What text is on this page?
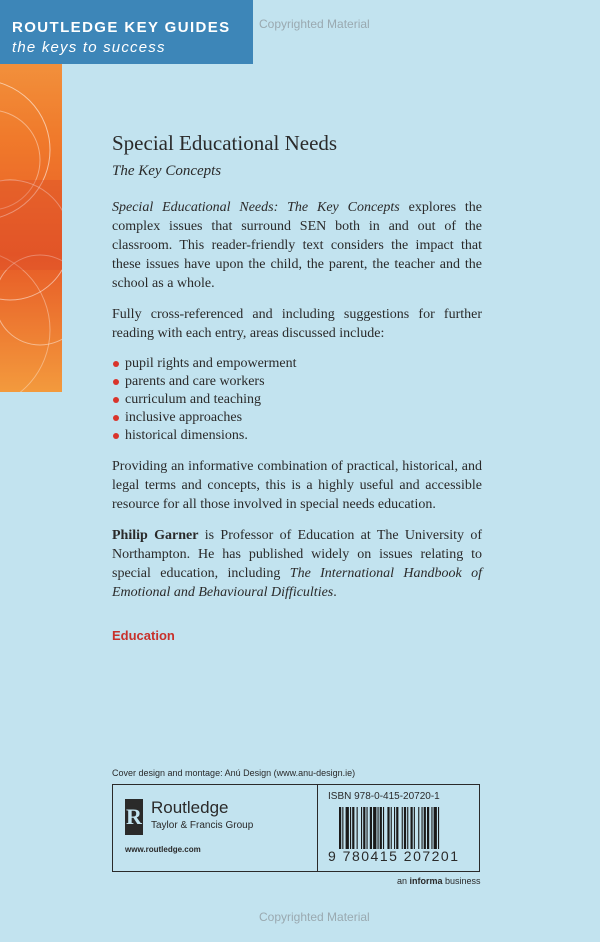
ROUTLEDGE KEY GUIDES
the keys to success
Copyrighted Material
Special Educational Needs
The Key Concepts

Special Educational Needs: The Key Concepts explores the complex issues that surround SEN both in and out of the classroom. This reader-friendly text considers the impact that these issues have upon the child, the parent, the teacher and the school as a whole.

Fully cross-referenced and including suggestions for further reading with each entry, areas discussed include:

pupil rights and empowerment
parents and care workers
curriculum and teaching
inclusive approaches
historical dimensions.

Providing an informative combination of practical, historical, and legal terms and concepts, this is a highly useful and accessible resource for all those involved in special needs education.

Philip Garner is Professor of Education at The University of Northampton. He has published widely on issues relating to special education, including The International Handbook of Emotional and Behavioural Difficulties.

Education
Cover design and montage: Anú Design (www.anu-design.ie)
R Routledge
Taylor & Francis Group
www.routledge.com
ISBN 978-0-415-20720-1
9 780415 207201
an informa business
Copyrighted Material
